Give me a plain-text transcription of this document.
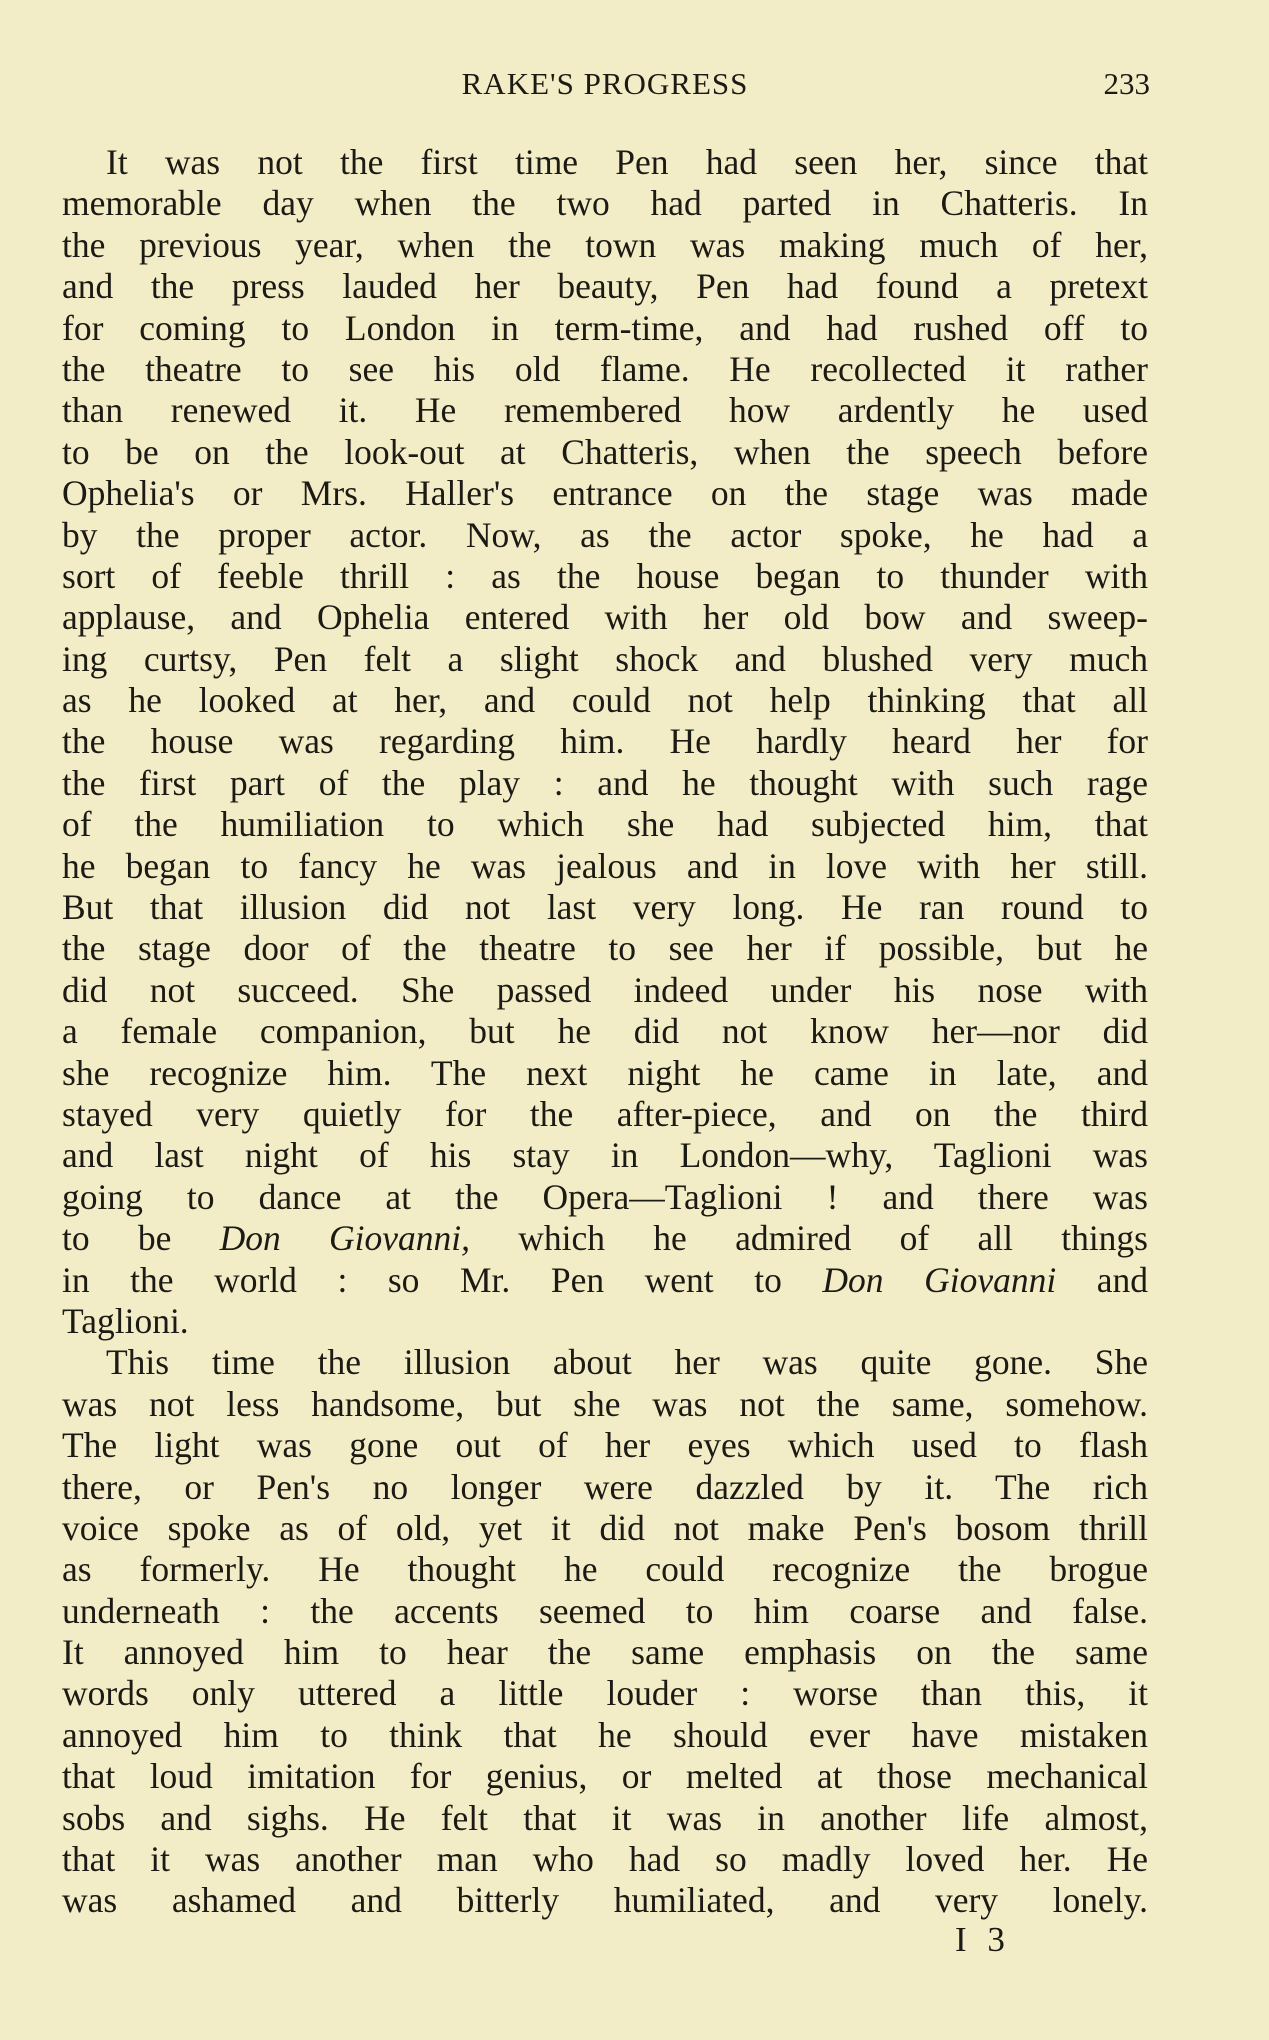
RAKE'S PROGRESS	233
It was not the first time Pen had seen her, since that
memorable day when the two had parted in Chatteris. In
the previous year, when the town was making much of her,
and the press lauded her beauty, Pen had found a pretext
for coming to London in term-time, and had rushed off to
the theatre to see his old flame. He recollected it rather
than renewed it. He remembered how ardently he used
to be on the look-out at Chatteris, when the speech before
Ophelia's or Mrs. Haller's entrance on the stage was made
by the proper actor. Now, as the actor spoke, he had a
sort of feeble thrill : as the house began to thunder with
applause, and Ophelia entered with her old bow and sweep-
ing curtsy, Pen felt a slight shock and blushed very much
as he looked at her, and could not help thinking that all
the house was regarding him. He hardly heard her for
the first part of the play : and he thought with such rage
of the humiliation to which she had subjected him, that
he began to fancy he was jealous and in love with her still.
But that illusion did not last very long. He ran round to
the stage door of the theatre to see her if possible, but he
did not succeed. She passed indeed under his nose with
a female companion, but he did not know her—nor did
she recognize him. The next night he came in late, and
stayed very quietly for the after-piece, and on the third
and last night of his stay in London—why, Taglioni was
going to dance at the Opera—Taglioni ! and there was
to be Don Giovanni, which he admired of all things
in the world : so Mr. Pen went to Don Giovanni and
Taglioni.
This time the illusion about her was quite gone. She
was not less handsome, but she was not the same, somehow.
The light was gone out of her eyes which used to flash
there, or Pen's no longer were dazzled by it. The rich
voice spoke as of old, yet it did not make Pen's bosom thrill
as formerly. He thought he could recognize the brogue
underneath : the accents seemed to him coarse and false.
It annoyed him to hear the same emphasis on the same
words only uttered a little louder : worse than this, it
annoyed him to think that he should ever have mistaken
that loud imitation for genius, or melted at those mechanical
sobs and sighs. He felt that it was in another life almost,
that it was another man who had so madly loved her. He
was ashamed and bitterly humiliated, and very lonely.
I 3
